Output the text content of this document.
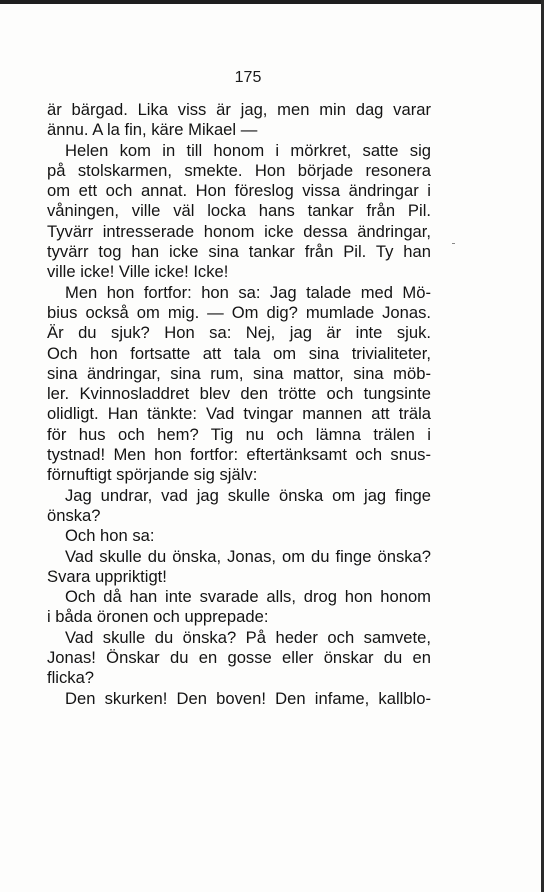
175
är bärgad. Lika viss är jag, men min dag varar
ännu. A la fin, käre Mikael —
Helen kom in till honom i mörkret, satte sig
på stolskarmen, smekte. Hon började resonera
om ett och annat. Hon föreslog vissa ändringar i
våningen, ville väl locka hans tankar från Pil.
Tyvärr intresserade honom icke dessa ändringar,
tyvärr tog han icke sina tankar från Pil. Ty han
ville icke! Ville icke! Icke!
Men hon fortfor: hon sa: Jag talade med Mö-
bius också om mig. — Om dig? mumlade Jonas.
Är du sjuk? Hon sa: Nej, jag är inte sjuk.
Och hon fortsatte att tala om sina trivialiteter,
sina ändringar, sina rum, sina mattor, sina möb-
ler. Kvinnosladdret blev den trötte och tungsinte
olidligt. Han tänkte: Vad tvingar mannen att träla
för hus och hem? Tig nu och lämna trälen i
tystnad! Men hon fortfor: eftertänksamt och snus-
förnuftigt spörjande sig själv:
Jag undrar, vad jag skulle önska om jag finge
önska?
Och hon sa:
Vad skulle du önska, Jonas, om du finge önska?
Svara uppriktigt!
Och då han inte svarade alls, drog hon honom
i båda öronen och upprepade:
Vad skulle du önska? På heder och samvete,
Jonas! Önskar du en gosse eller önskar du en
flicka?
Den skurken! Den boven! Den infame, kallblo-
